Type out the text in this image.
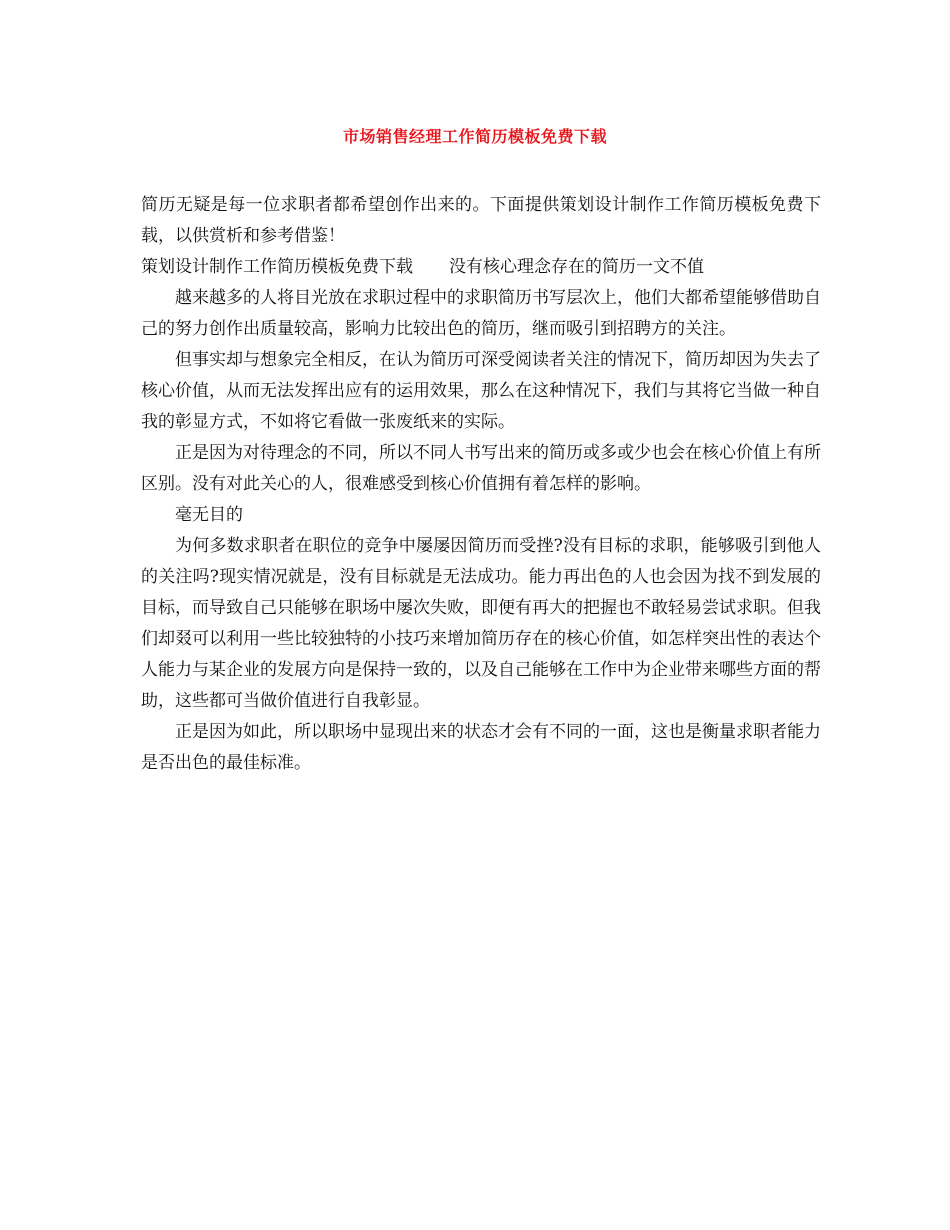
市场销售经理工作简历模板免费下载

简历无疑是每一位求职者都希望创作出来的。下面提供策划设计制作工作简历模板免费下载，以供赏析和参考借鉴！

策划设计制作工作简历模板免费下载 没有核心理念存在的简历一文不值

越来越多的人将目光放在求职过程中的求职简历书写层次上，他们大都希望能够借助自己的努力创作出质量较高，影响力比较出色的简历，继而吸引到招聘方的关注。

但事实却与想象完全相反，在认为简历可深受阅读者关注的情况下，简历却因为失去了核心价值，从而无法发挥出应有的运用效果，那么在这种情况下，我们与其将它当做一种自我的彰显方式，不如将它看做一张废纸来的实际。

正是因为对待理念的不同，所以不同人书写出来的简历或多或少也会在核心价值上有所区别。没有对此关心的人，很难感受到核心价值拥有着怎样的影响。

毫无目的

为何多数求职者在职位的竞争中屡屡因简历而受挫?没有目标的求职，能够吸引到他人的关注吗?现实情况就是，没有目标就是无法成功。能力再出色的人也会因为找不到发展的目标，而导致自己只能够在职场中屡次失败，即便有再大的把握也不敢轻易尝试求职。但我们却叕可以利用一些比较独特的小技巧来增加简历存在的核心价值，如怎样突出性的表达个人能力与某企业的发展方向是保持一致的，以及自己能够在工作中为企业带来哪些方面的帮助，这些都可当做价值进行自我彰显。

正是因为如此，所以职场中显现出来的状态才会有不同的一面，这也是衡量求职者能力是否出色的最佳标准。
